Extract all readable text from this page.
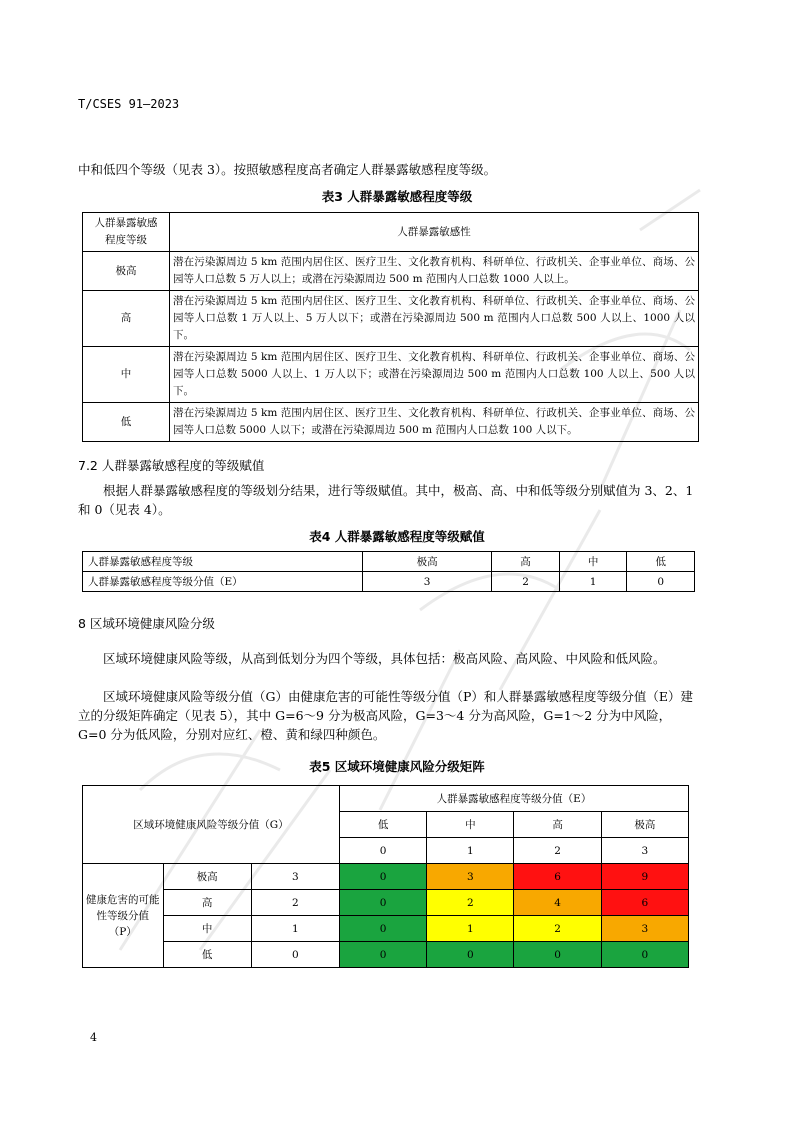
T/CSES 91—2023
中和低四个等级（见表 3）。按照敏感程度高者确定人群暴露敏感程度等级。
表3 人群暴露敏感程度等级
人群暴露敏感
程度等级	人群暴露敏感性
极高	潜在污染源周边 5 km 范围内居住区、医疗卫生、文化教育机构、科研单位、行政机关、企事业单位、商场、公园等人口总数 5 万人以上；或潜在污染源周边 500 m 范围内人口总数 1000 人以上。
高	潜在污染源周边 5 km 范围内居住区、医疗卫生、文化教育机构、科研单位、行政机关、企事业单位、商场、公园等人口总数 1 万人以上、5 万人以下；或潜在污染源周边 500 m 范围内人口总数 500 人以上、1000 人以下。
中	潜在污染源周边 5 km 范围内居住区、医疗卫生、文化教育机构、科研单位、行政机关、企事业单位、商场、公园等人口总数 5000 人以上、1 万人以下；或潜在污染源周边 500 m 范围内人口总数 100 人以上、500 人以下。
低	潜在污染源周边 5 km 范围内居住区、医疗卫生、文化教育机构、科研单位、行政机关、企事业单位、商场、公园等人口总数 5000 人以下；或潜在污染源周边 500 m 范围内人口总数 100 人以下。
7.2 人群暴露敏感程度的等级赋值
根据人群暴露敏感程度的等级划分结果，进行等级赋值。其中，极高、高、中和低等级分别赋值为 3、2、1 和 0（见表 4）。
表4 人群暴露敏感程度等级赋值
人群暴露敏感程度等级	极高	高	中	低
人群暴露敏感程度等级分值（E）	3	2	1	0
8 区域环境健康风险分级
区域环境健康风险等级，从高到低划分为四个等级，具体包括：极高风险、高风险、中风险和低风险。
区域环境健康风险等级分值（G）由健康危害的可能性等级分值（P）和人群暴露敏感程度等级分值（E）建立的分级矩阵确定（见表 5），其中 G=6～9 分为极高风险，G=3～4 分为高风险，G=1～2 分为中风险，G=0 分为低风险，分别对应红、橙、黄和绿四种颜色。
表5 区域环境健康风险分级矩阵
区域环境健康风险等级分值（G）			人群暴露敏感程度等级分值（E）			
			低	中	高	极高
			0	1	2	3
健康危害的可能性等级分值（P）	极高	3	0	3	6	9
	高	2	0	2	4	6
	中	1	0	1	2	3
	低	0	0	0	0	0
4
